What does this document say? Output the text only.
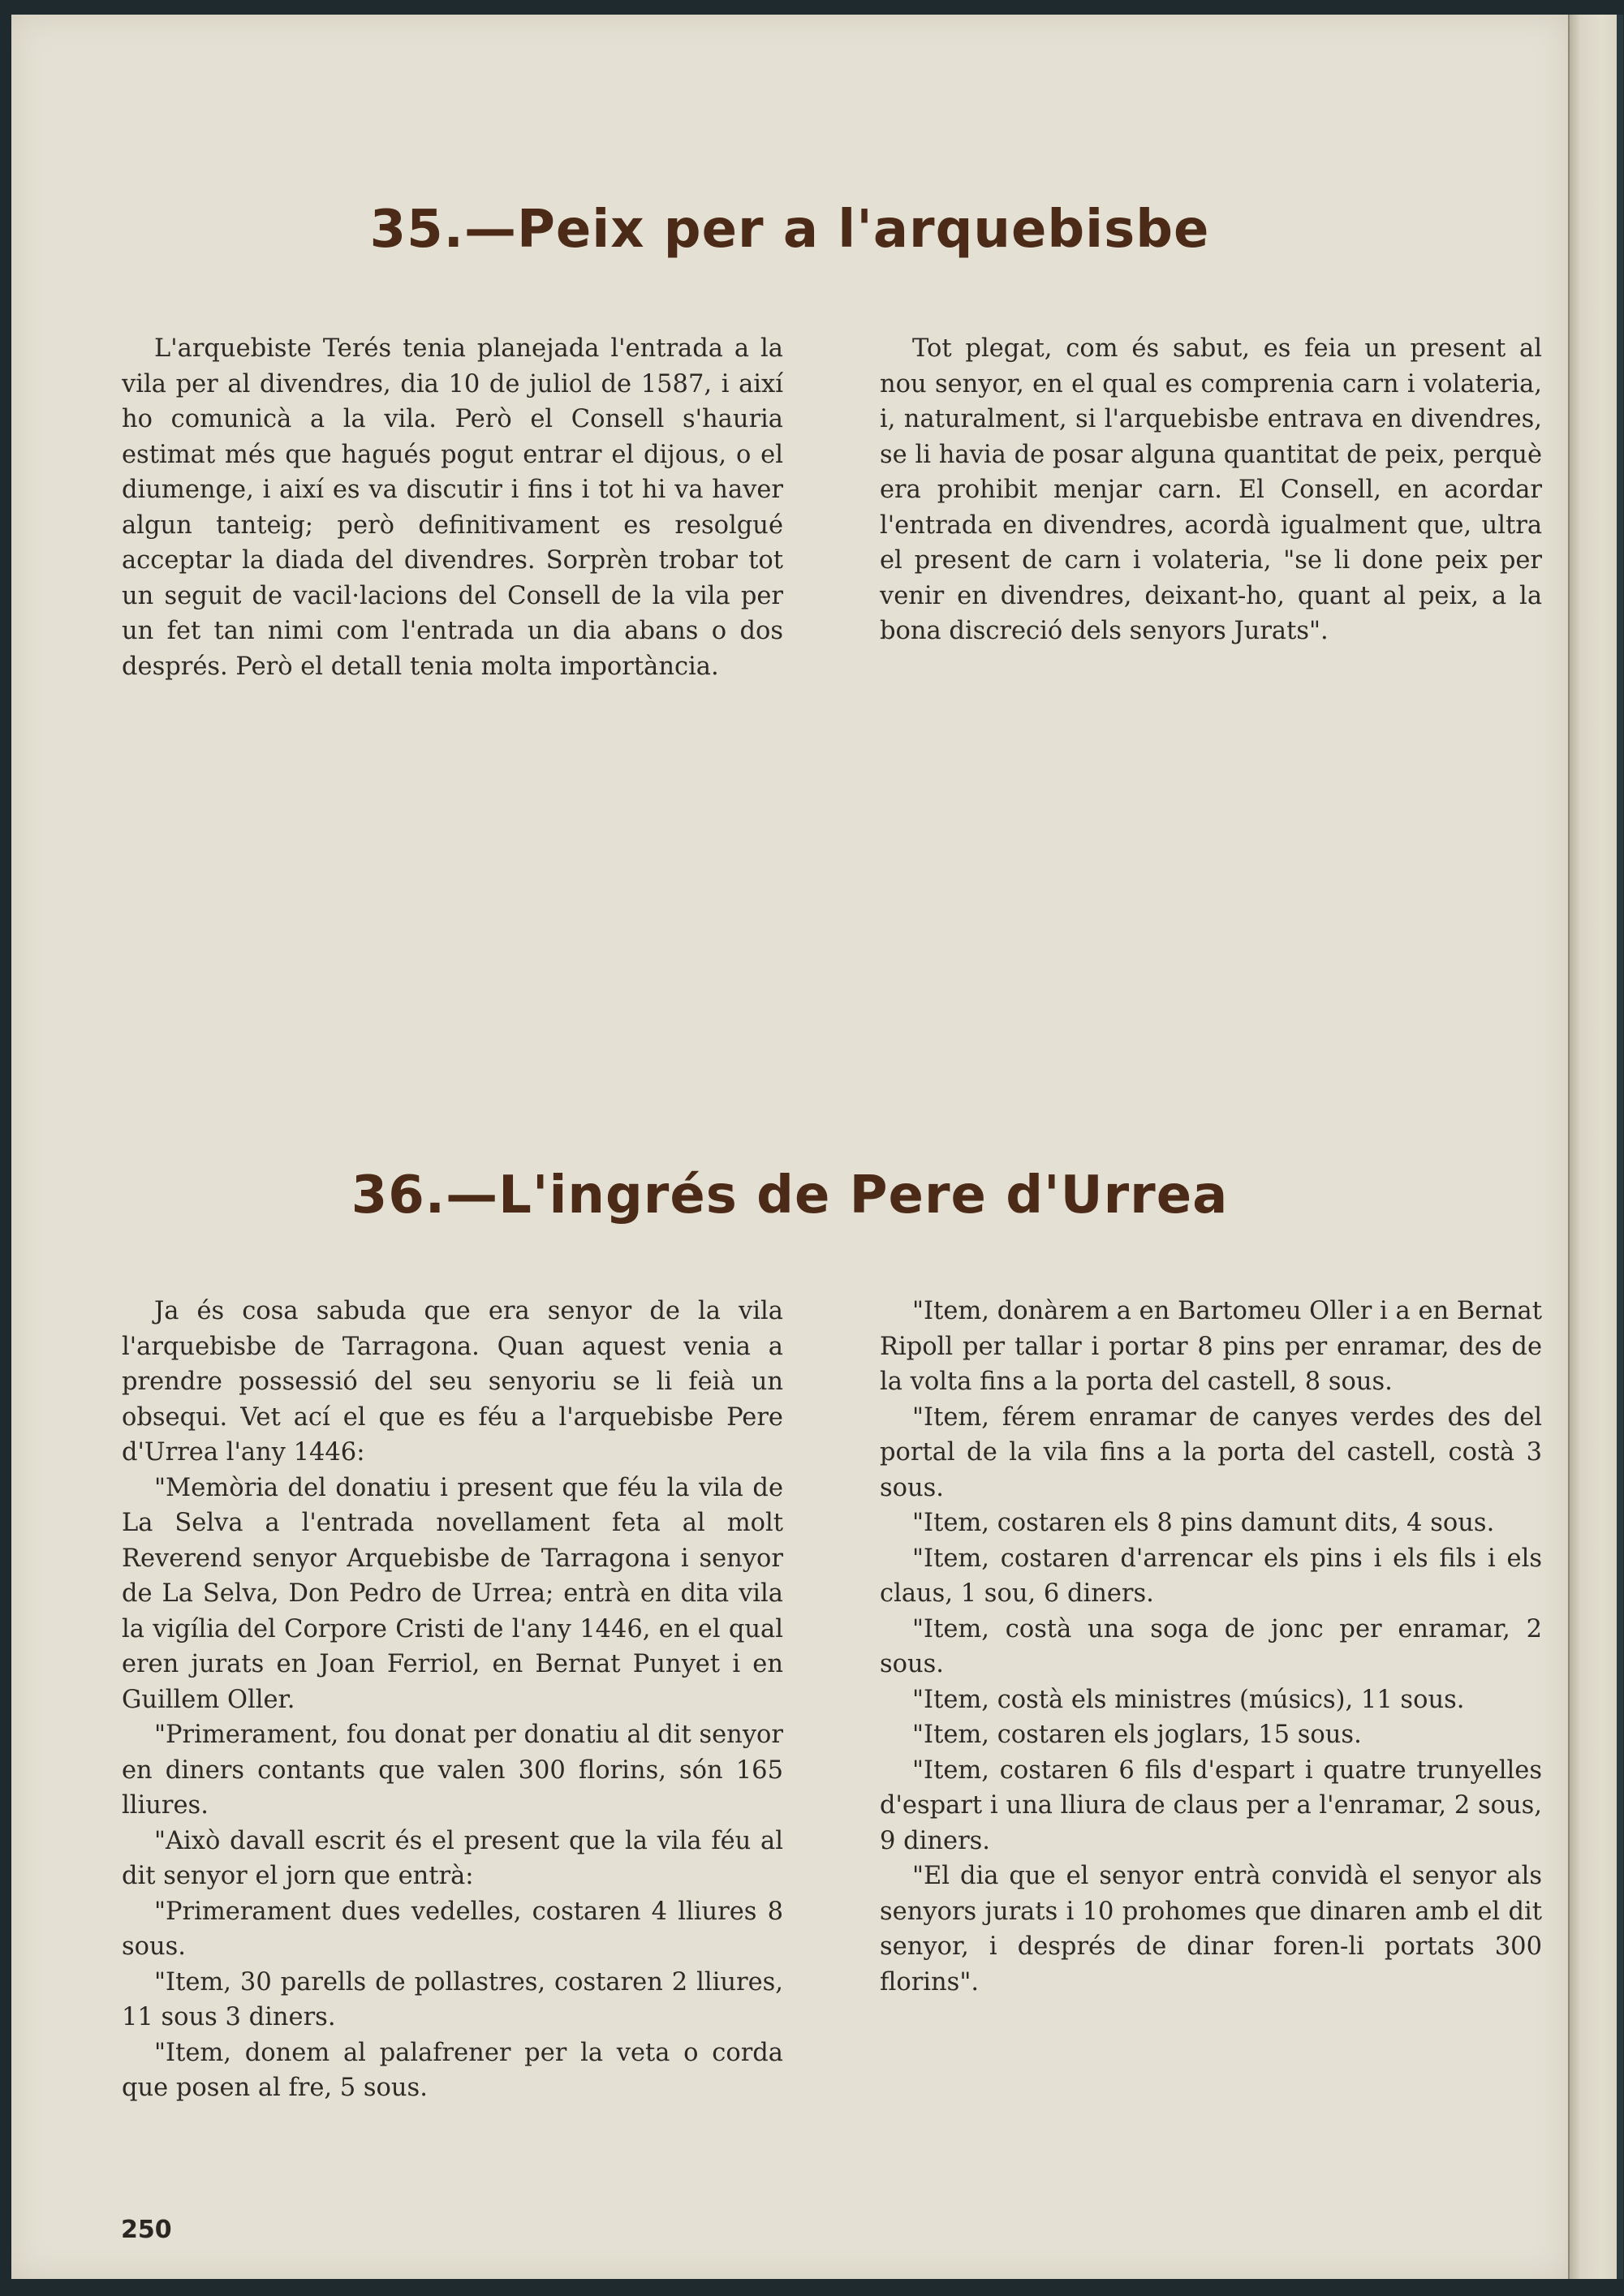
35.—Peix per a l'arquebisbe

L'arquebiste Terés tenia planejada l'entrada a la vila per al divendres, dia 10 de juliol de 1587, i així ho comunicà a la vila. Però el Consell s'hauria estimat més que hagués pogut entrar el dijous, o el diumenge, i així es va discutir i fins i tot hi va haver algun tanteig; però definitivament es resolgué acceptar la diada del divendres. Sorprèn trobar tot un seguit de vacil·lacions del Consell de la vila per un fet tan nimi com l'entrada un dia abans o dos després. Però el detall tenia molta importància.

Tot plegat, com és sabut, es feia un present al nou senyor, en el qual es comprenia carn i volateria, i, naturalment, si l'arquebisbe entrava en divendres, se li havia de posar alguna quantitat de peix, perquè era prohibit menjar carn. El Consell, en acordar l'entrada en divendres, acordà igualment que, ultra el present de carn i volateria, "se li done peix per venir en divendres, deixant-ho, quant al peix, a la bona discreció dels senyors Jurats".

36.—L'ingrés de Pere d'Urrea

Ja és cosa sabuda que era senyor de la vila l'arquebisbe de Tarragona. Quan aquest venia a prendre possessió del seu senyoriu se li feià un obsequi. Vet ací el que es féu a l'arquebisbe Pere d'Urrea l'any 1446:

"Memòria del donatiu i present que féu la vila de La Selva a l'entrada novellament feta al molt Reverend senyor Arquebisbe de Tarragona i senyor de La Selva, Don Pedro de Urrea; entrà en dita vila la vigília del Corpore Cristi de l'any 1446, en el qual eren jurats en Joan Ferriol, en Bernat Punyet i en Guillem Oller.

"Primerament, fou donat per donatiu al dit senyor en diners contants que valen 300 florins, són 165 lliures.

"Això davall escrit és el present que la vila féu al dit senyor el jorn que entrà:

"Primerament dues vedelles, costaren 4 lliures 8 sous.

"Item, 30 parells de pollastres, costaren 2 lliures, 11 sous 3 diners.

"Item, donem al palafrener per la veta o corda que posen al fre, 5 sous.

"Item, donàrem a en Bartomeu Oller i a en Bernat Ripoll per tallar i portar 8 pins per enramar, des de la volta fins a la porta del castell, 8 sous.

"Item, férem enramar de canyes verdes des del portal de la vila fins a la porta del castell, costà 3 sous.

"Item, costaren els 8 pins damunt dits, 4 sous.

"Item, costaren d'arrencar els pins i els fils i els claus, 1 sou, 6 diners.

"Item, costà una soga de jonc per enramar, 2 sous.

"Item, costà els ministres (músics), 11 sous.

"Item, costaren els joglars, 15 sous.

"Item, costaren 6 fils d'espart i quatre trunyelles d'espart i una lliura de claus per a l'enramar, 2 sous, 9 diners.

"El dia que el senyor entrà convidà el senyor als senyors jurats i 10 prohomes que dinaren amb el dit senyor, i després de dinar foren-li portats 300 florins".

250
